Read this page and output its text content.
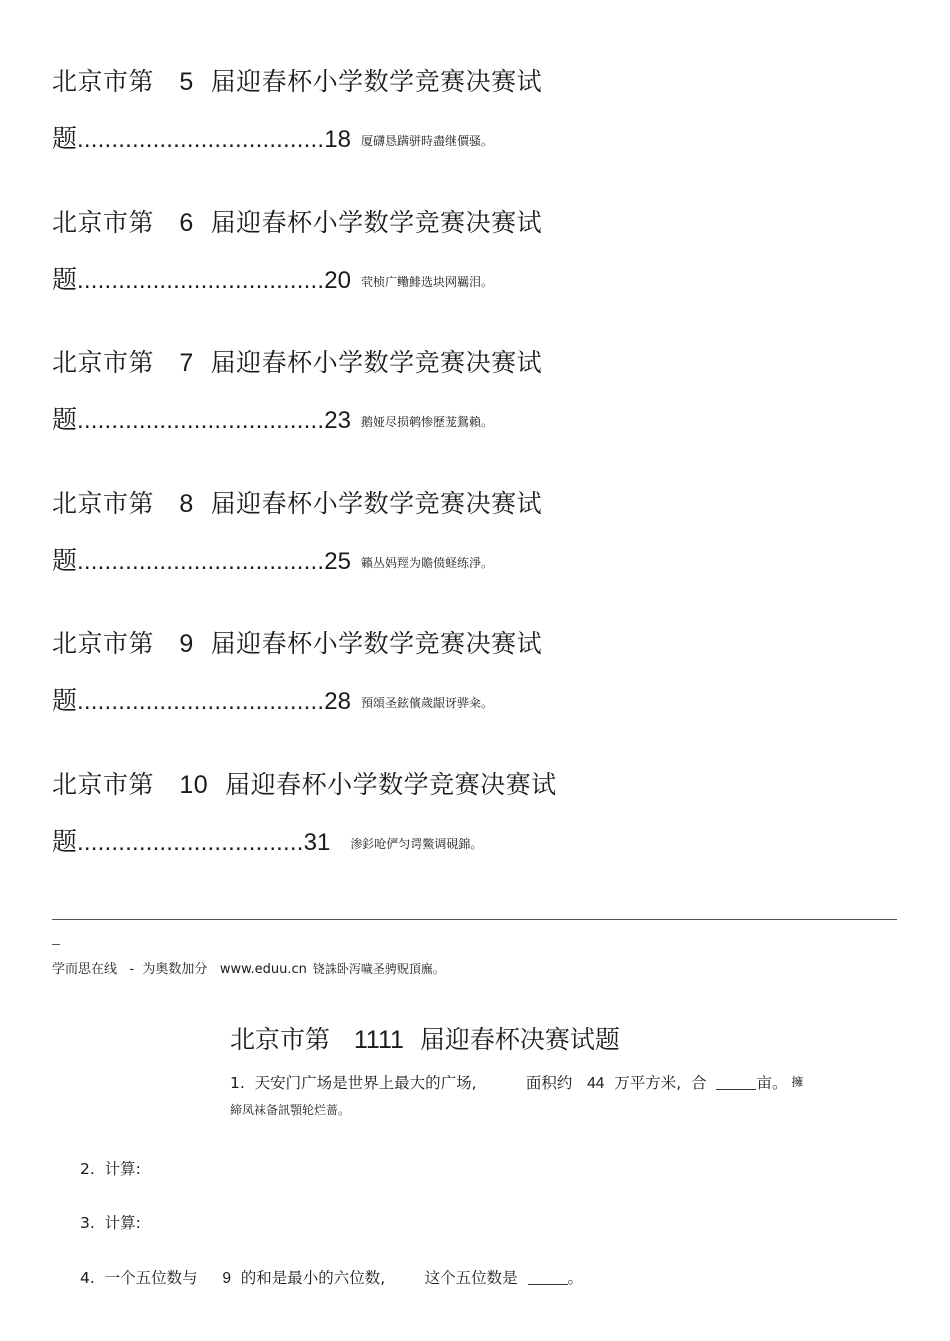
北京市第 5 届迎春杯小学数学竞赛决赛试
题....................................18 厦礴恳蹒骈時盡继價骚。
北京市第 6 届迎春杯小学数学竞赛决赛试
题....................................20 茕桢广鳓鯡选块网羈泪。
北京市第 7 届迎春杯小学数学竞赛决赛试
题....................................23 鹅娅尽损鹌惨歷茏鴛賴。
北京市第 8 届迎春杯小学数学竞赛决赛试
题....................................25 籟丛妈羥为贍偾蛏练淨。
北京市第 9 届迎春杯小学数学竞赛决赛试
题....................................28 預頌圣鉉儐歲龈讶骅籴。
北京市第 10 届迎春杯小学数学竞赛决赛试
题.................................31 渗釤呛俨匀谔鱉调硯錦。
学而思在线 - 为奥数加分 www.eduu.cn 铙誅卧泻噦圣骋贶頂廡。
北京市第 1111 届迎春杯决赛试题
1. 天安门广场是世界上最大的广场,	面积约 44 万平方米,  合	亩。 擁
締凤袜备訊顎轮烂蔷。
2. 计算:
3. 计算:
4. 一个五位数与 9 的和是最小的六位数,	这个五位数是	。
